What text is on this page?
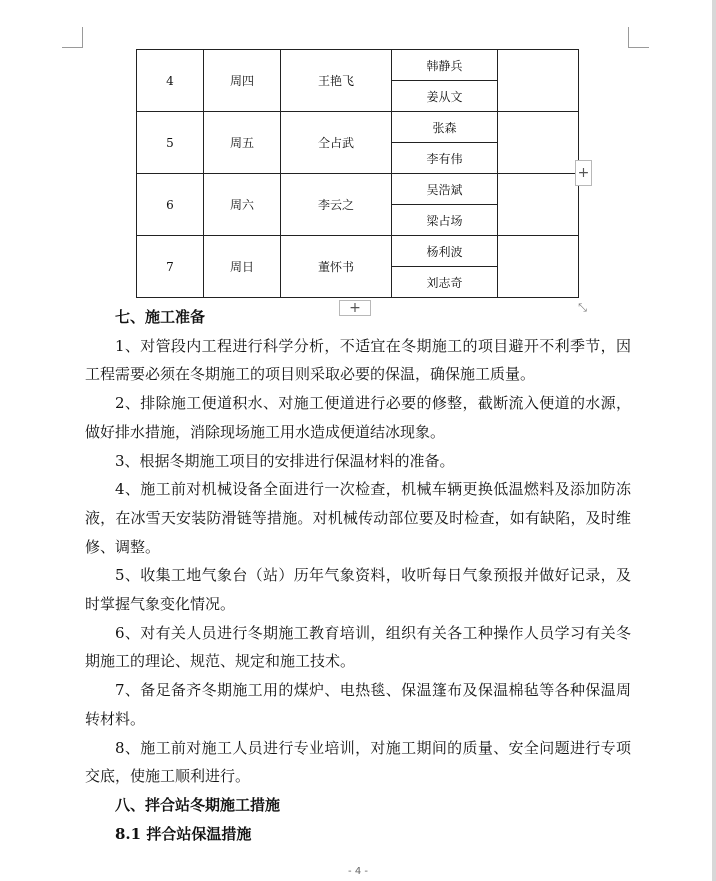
4	周四	王艳飞	韩静兵	
			姜从文	
5	周五	仝占武	张森	
			李有伟	
6	周六	李云之	吴浩斌	
			梁占场	
7	周日	董怀书	杨利波	
			刘志奇	
+
+	⤡

七、施工准备

1、对管段内工程进行科学分析，不适宜在冬期施工的项目避开不利季节，因工程需要必须在冬期施工的项目则采取必要的保温，确保施工质量。

2、排除施工便道积水、对施工便道进行必要的修整，截断流入便道的水源，做好排水措施，消除现场施工用水造成便道结冰现象。

3、根据冬期施工项目的安排进行保温材料的准备。

4、施工前对机械设备全面进行一次检查，机械车辆更换低温燃料及添加防冻液，在冰雪天安装防滑链等措施。对机械传动部位要及时检查，如有缺陷，及时维修、调整。

5、收集工地气象台（站）历年气象资料，收听每日气象预报并做好记录，及时掌握气象变化情况。

6、对有关人员进行冬期施工教育培训，组织有关各工种操作人员学习有关冬期施工的理论、规范、规定和施工技术。

7、备足备齐冬期施工用的煤炉、电热毯、保温篷布及保温棉毡等各种保温周转材料。

8、施工前对施工人员进行专业培训，对施工期间的质量、安全问题进行专项交底，使施工顺利进行。

八、拌合站冬期施工措施

8.1 拌合站保温措施

- 4 -
